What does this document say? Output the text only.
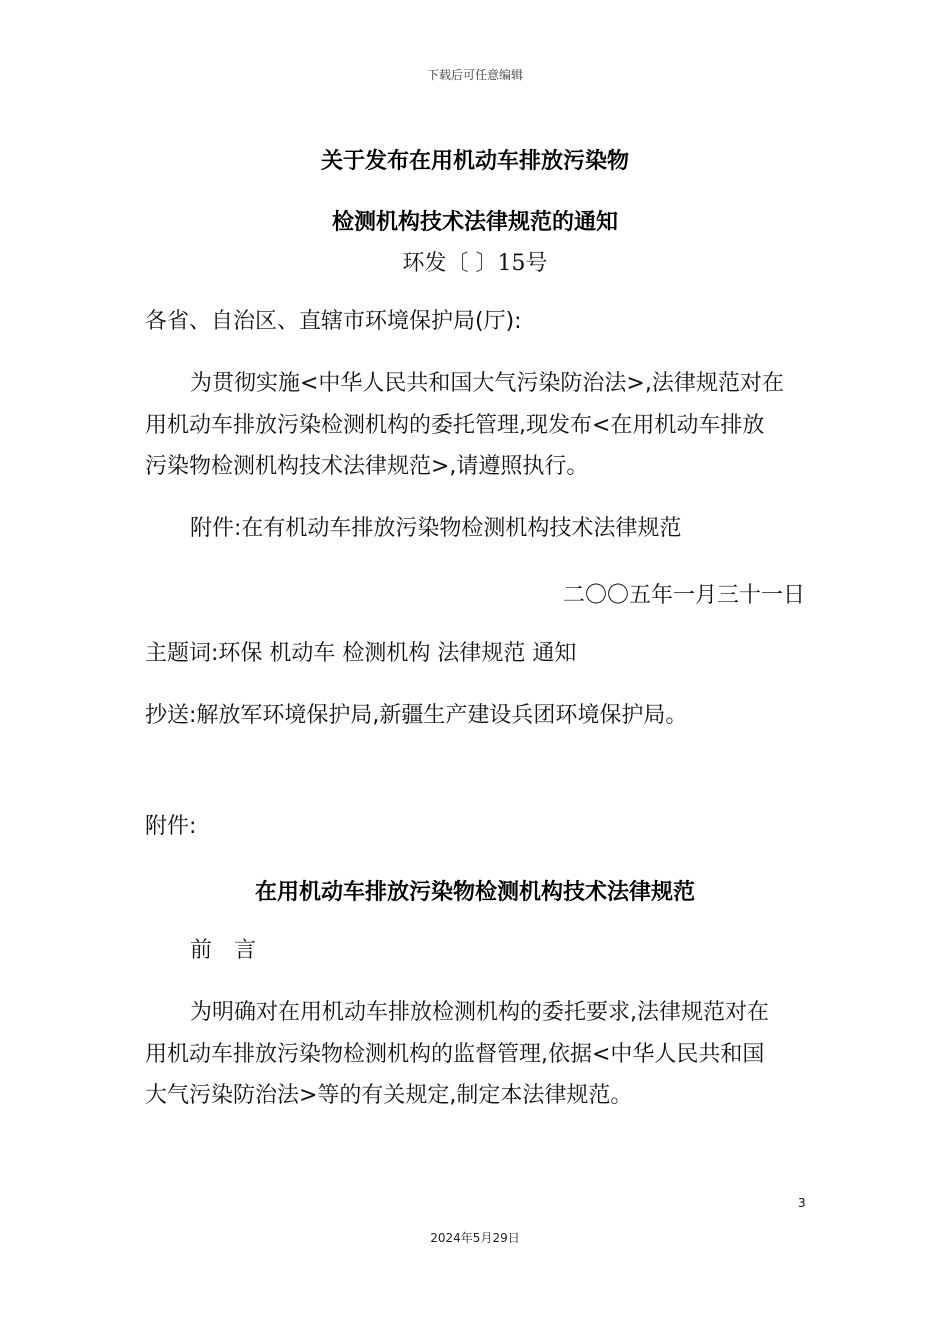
下载后可任意编辑
关于发布在用机动车排放污染物
检测机构技术法律规范的通知
环发〔 〕15号
各省、自治区、直辖市环境保护局(厅):
为贯彻实施<中华人民共和国大气污染防治法>,法律规范对在
用机动车排放污染检测机构的委托管理,现发布<在用机动车排放
污染物检测机构技术法律规范>,请遵照执行。
附件:在有机动车排放污染物检测机构技术法律规范
二〇〇五年一月三十一日
主题词:环保 机动车 检测机构 法律规范 通知
抄送:解放军环境保护局,新疆生产建设兵团环境保护局。
附件:
在用机动车排放污染物检测机构技术法律规范
前　言
为明确对在用机动车排放检测机构的委托要求,法律规范对在
用机动车排放污染物检测机构的监督管理,依据<中华人民共和国
大气污染防治法>等的有关规定,制定本法律规范。
3
2024年5月29日
